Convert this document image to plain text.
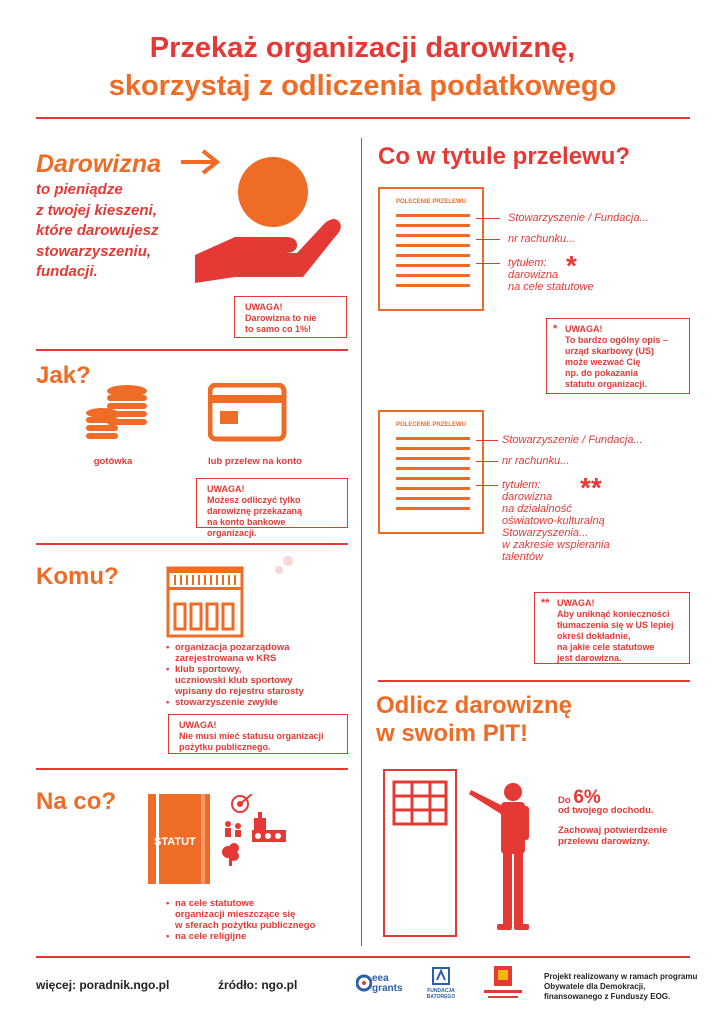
Przekaż organizacji darowiznę,
skorzystaj z odliczenia podatkowego
Darowizna
to pieniądze
z twojej kieszeni,
które darowujesz
stowarzyszeniu,
fundacji.
UWAGA!
Darowizna to nie
to samo co 1%!
Jak?
gotówka	lub przelew na konto
UWAGA!
Możesz odliczyć tylko
darowiznę przekazaną
na konto bankowe organizacji.
Komu?
• organizacja pozarządowa
zarejestrowana w KRS
• klub sportowy,
uczniowski klub sportowy
wpisany do rejestru starosty
• stowarzyszenie zwykłe
UWAGA!
Nie musi mieć statusu organizacji
pożytku publicznego.
Na co?
STATUT
• na cele statutowe
organizacji mieszczące się
w sferach pożytku publicznego
• na cele religijne
Co w tytule przelewu?
POLECENIE PRZELEWU
Stowarzyszenie / Fundacja...
nr rachunku...
tytułem:
darowizna
na cele statutowe
*
* UWAGA!
To bardzo ogólny opis –
urząd skarbowy (US)
może wezwać Cię
np. do pokazania
statutu organizacji.
POLECENIE PRZELEWU
Stowarzyszenie / Fundacja...
nr rachunku...
tytułem:
darowizna
na działalność
oświatowo-kulturalną
Stowarzyszenia...
w zakresie wspierania
talentów
**
** UWAGA!
Aby uniknąć konieczności
tłumaczenia się w US lepiej
określ dokładnie,
na jakie cele statutowe
jest darowizna.
Odlicz darowiznę
w swoim PIT!
Do 6%
od twojego dochodu.
Zachowaj potwierdzenie
przelewu darowizny.
więcej: poradnik.ngo.pl	źródło: ngo.pl	eea grants	FUNDACJA BATOREGO
Projekt realizowany w ramach programu
Obywatele dla Demokracji,
finansowanego z Funduszy EOG.
